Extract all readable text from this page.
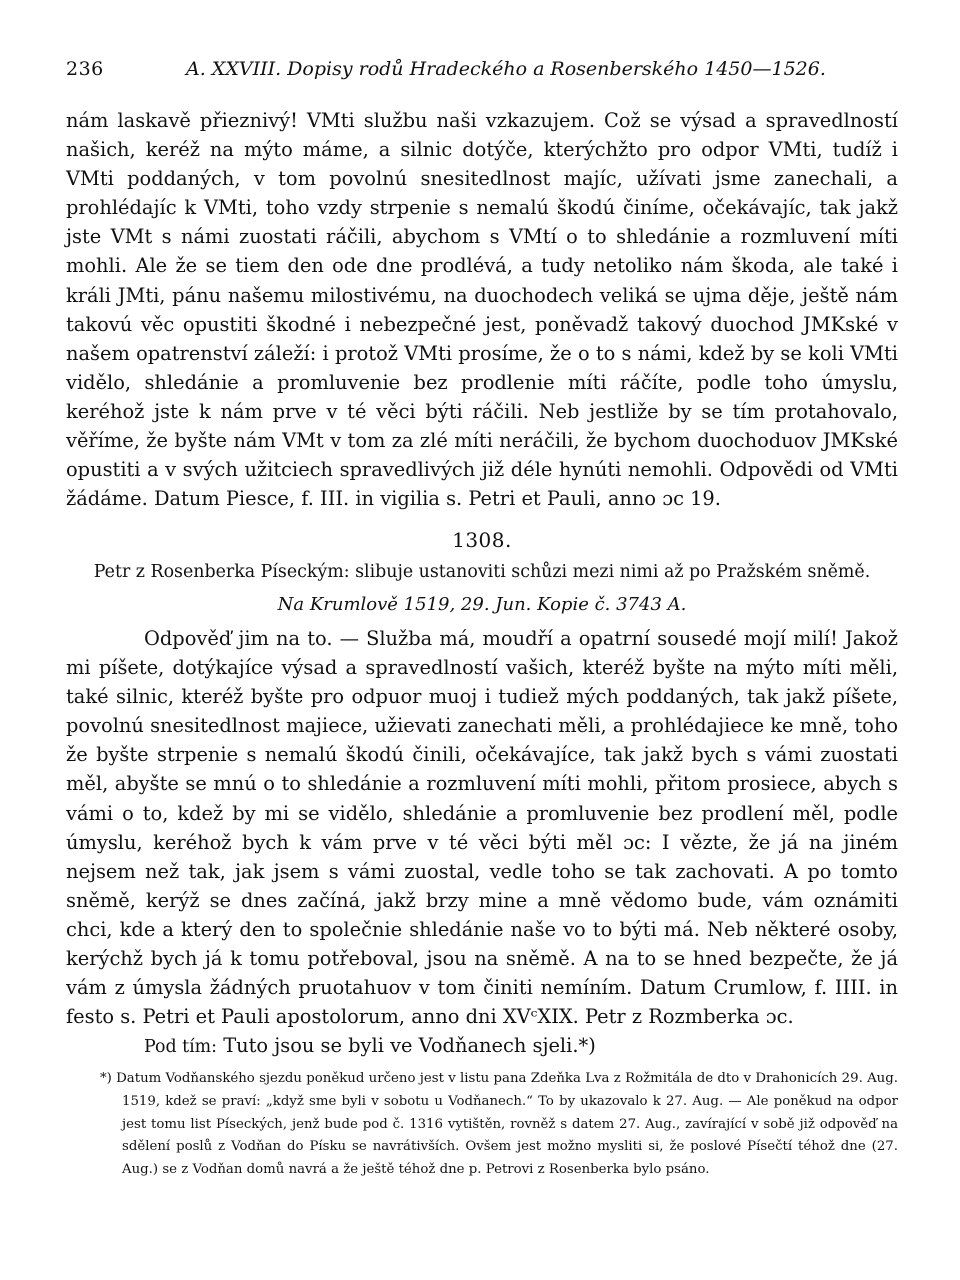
236	A. XXVIII. Dopisy rodů Hradeckého a Rosenberského 1450—1526.

nám laskavě přieznivý! VMti službu naši vzkazujem. Což se výsad a spravedlností našich, keréž na mýto máme, a silnic dotýče, kterýchžto pro odpor VMti, tudíž i VMti poddaných, v tom povolnú snesitedlnost majíc, užívati jsme zanechali, a prohlédajíc k VMti, toho vzdy strpenie s nemalú škodú činíme, očekávajíc, tak jakž jste VMt s námi zuostati ráčili, abychom s VMtí o to shledánie a rozmluvení míti mohli. Ale že se tiem den ode dne prodlévá, a tudy netoliko nám škoda, ale také i králi JMti, pánu našemu milostivému, na duochodech veliká se ujma děje, ještě nám takovú věc opustiti škodné i nebezpečné jest, poněvadž takový duochod JMKské v našem opatrenství záleží: i protož VMti prosíme, že o to s námi, kdež by se koli VMti vidělo, shledánie a promluvenie bez prodlenie míti ráčíte, podle toho úmyslu, keréhož jste k nám prve v té věci býti ráčili. Neb jestliže by se tím protahovalo, věříme, že byšte nám VMt v tom za zlé míti neráčili, že bychom duochoduov JMKské opustiti a v svých užitciech spravedlivých již déle hynúti nemohli. Odpovědi od VMti žádáme. Datum Piesce, f. III. in vigilia s. Petri et Pauli, anno ɔc 19.

1308.
Petr z Rosenberka Píseckým: slibuje ustanoviti schůzi mezi nimi až po Pražském sněmě.
Na Krumlově 1519, 29. Jun. Kopie č. 3743 A.

Odpověď jim na to. — Služba má, moudří a opatrní sousedé mojí milí! Jakož mi píšete, dotýkajíce výsad a spravedlností vašich, kteréž byšte na mýto míti měli, také silnic, kteréž byšte pro odpuor muoj i tudiež mých poddaných, tak jakž píšete, povolnú snesitedlnost majiece, užievati zanechati měli, a prohlédajiece ke mně, toho že byšte strpenie s nemalú škodú činili, očekávajíce, tak jakž bych s vámi zuostati měl, abyšte se mnú o to shledánie a rozmluvení míti mohli, přitom prosiece, abych s vámi o to, kdež by mi se vidělo, shledánie a promluvenie bez prodlení měl, podle úmyslu, keréhož bych k vám prve v té věci býti měl ɔc: I vězte, že já na jiném nejsem než tak, jak jsem s vámi zuostal, vedle toho se tak zachovati. A po tomto sněmě, kerýž se dnes začíná, jakž brzy mine a mně vědomo bude, vám oznámiti chci, kde a který den to společnie shledánie naše vo to býti má. Neb některé osoby, kerýchž bych já k tomu potřeboval, jsou na sněmě. A na to se hned bezpečte, že já vám z úmysla žádných pruotahuov v tom činiti nemíním. Datum Crumlow, f. IIII. in festo s. Petri et Pauli apostolorum, anno dni XVᶜXIX. Petr z Rozmberka ɔc.

Pod tím: Tuto jsou se byli ve Vodňanech sjeli.*)

*) Datum Vodňanského sjezdu poněkud určeno jest v listu pana Zdeňka Lva z Rožmitála de dto v Drahonicích 29. Aug. 1519, kdež se praví: „když sme byli v sobotu u Vodňanech.“ To by ukazovalo k 27. Aug. — Ale poněkud na odpor jest tomu list Píseckých, jenž bude pod č. 1316 vytištěn, rovněž s datem 27. Aug., zavírající v sobě již odpověď na sdělení poslů z Vodňan do Písku se navrátivších. Ovšem jest možno mysliti si, že poslové Písečtí téhož dne (27. Aug.) se z Vodňan domů navrá a že ještě téhož dne p. Petrovi z Rosenberka bylo psáno.
